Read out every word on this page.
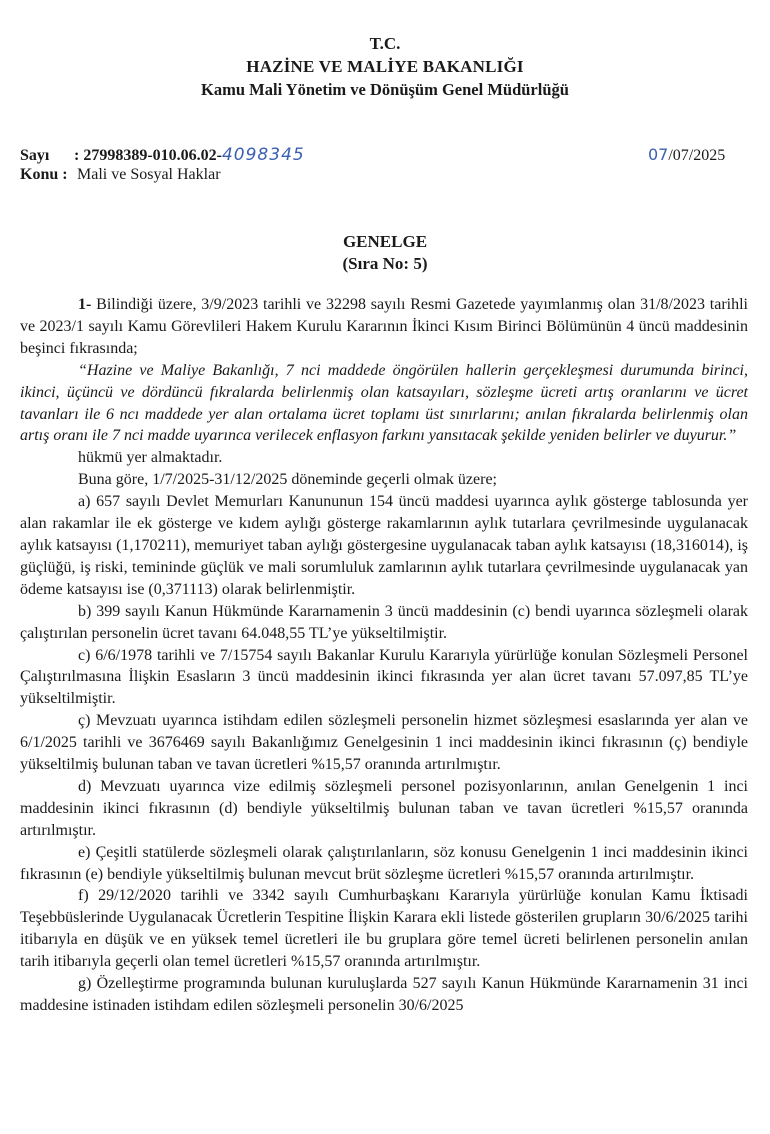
T.C.
HAZİNE VE MALİYE BAKANLIĞI
Kamu Mali Yönetim ve Dönüşüm Genel Müdürlüğü
Sayı : 27998389-010.06.02-4098345	07/07/2025
Konu : Mali ve Sosyal Haklar
GENELGE
(Sıra No: 5)

1- Bilindiği üzere, 3/9/2023 tarihli ve 32298 sayılı Resmi Gazetede yayımlanmış olan 31/8/2023 tarihli ve 2023/1 sayılı Kamu Görevlileri Hakem Kurulu Kararının İkinci Kısım Birinci Bölümünün 4 üncü maddesinin beşinci fıkrasında;

“Hazine ve Maliye Bakanlığı, 7 nci maddede öngörülen hallerin gerçekleşmesi durumunda birinci, ikinci, üçüncü ve dördüncü fıkralarda belirlenmiş olan katsayıları, sözleşme ücreti artış oranlarını ve ücret tavanları ile 6 ncı maddede yer alan ortalama ücret toplamı üst sınırlarını; anılan fıkralarda belirlenmiş olan artış oranı ile 7 nci madde uyarınca verilecek enflasyon farkını yansıtacak şekilde yeniden belirler ve duyurur.”

hükmü yer almaktadır.

Buna göre, 1/7/2025-31/12/2025 döneminde geçerli olmak üzere;

a) 657 sayılı Devlet Memurları Kanununun 154 üncü maddesi uyarınca aylık gösterge tablosunda yer alan rakamlar ile ek gösterge ve kıdem aylığı gösterge rakamlarının aylık tutarlara çevrilmesinde uygulanacak aylık katsayısı (1,170211), memuriyet taban aylığı göstergesine uygulanacak taban aylık katsayısı (18,316014), iş güçlüğü, iş riski, temininde güçlük ve mali sorumluluk zamlarının aylık tutarlara çevrilmesinde uygulanacak yan ödeme katsayısı ise (0,371113) olarak belirlenmiştir.

b) 399 sayılı Kanun Hükmünde Kararnamenin 3 üncü maddesinin (c) bendi uyarınca sözleşmeli olarak çalıştırılan personelin ücret tavanı 64.048,55 TL’ye yükseltilmiştir.

c) 6/6/1978 tarihli ve 7/15754 sayılı Bakanlar Kurulu Kararıyla yürürlüğe konulan Sözleşmeli Personel Çalıştırılmasına İlişkin Esasların 3 üncü maddesinin ikinci fıkrasında yer alan ücret tavanı 57.097,85 TL’ye yükseltilmiştir.

ç) Mevzuatı uyarınca istihdam edilen sözleşmeli personelin hizmet sözleşmesi esaslarında yer alan ve 6/1/2025 tarihli ve 3676469 sayılı Bakanlığımız Genelgesinin 1 inci maddesinin ikinci fıkrasının (ç) bendiyle yükseltilmiş bulunan taban ve tavan ücretleri %15,57 oranında artırılmıştır.

d) Mevzuatı uyarınca vize edilmiş sözleşmeli personel pozisyonlarının, anılan Genelgenin 1 inci maddesinin ikinci fıkrasının (d) bendiyle yükseltilmiş bulunan taban ve tavan ücretleri %15,57 oranında artırılmıştır.

e) Çeşitli statülerde sözleşmeli olarak çalıştırılanların, söz konusu Genelgenin 1 inci maddesinin ikinci fıkrasının (e) bendiyle yükseltilmiş bulunan mevcut brüt sözleşme ücretleri %15,57 oranında artırılmıştır.

f) 29/12/2020 tarihli ve 3342 sayılı Cumhurbaşkanı Kararıyla yürürlüğe konulan Kamu İktisadi Teşebbüslerinde Uygulanacak Ücretlerin Tespitine İlişkin Karara ekli listede gösterilen grupların 30/6/2025 tarihi itibarıyla en düşük ve en yüksek temel ücretleri ile bu gruplara göre temel ücreti belirlenen personelin anılan tarih itibarıyla geçerli olan temel ücretleri %15,57 oranında artırılmıştır.

g) Özelleştirme programında bulunan kuruluşlarda 527 sayılı Kanun Hükmünde Kararnamenin 31 inci maddesine istinaden istihdam edilen sözleşmeli personelin 30/6/2025
